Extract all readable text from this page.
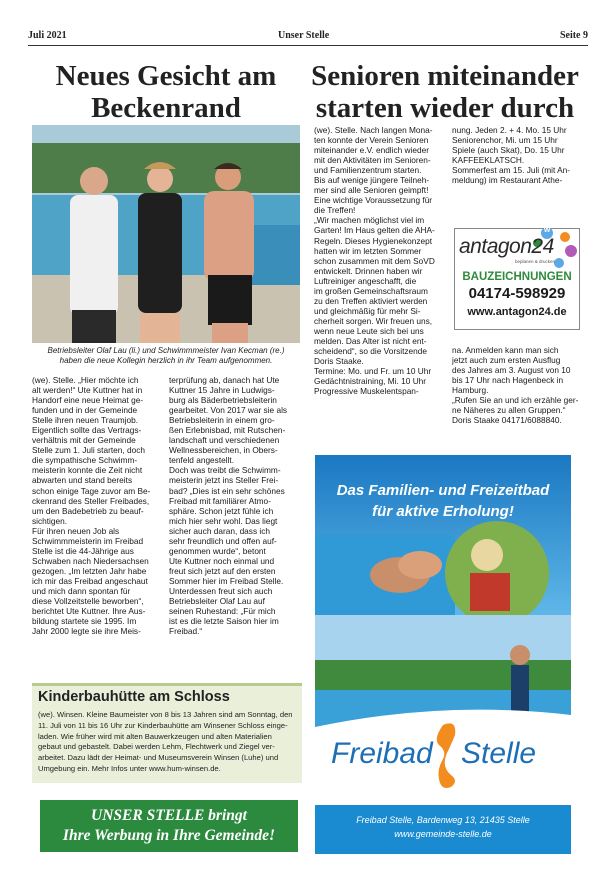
Juli 2021	Unser Stelle	Seite 9
Neues Gesicht am
Beckenrand
Senioren miteinander
starten wieder durch
Betriebsleiter Olaf Lau (li.) und Schwimmmeister Ivan Kecman (re.)
haben die neue Kollegin herzlich in ihr Team aufgenommen.
(we). Stelle. „Hier möchte ich
alt werden!“ Ute Kuttner hat in
Handorf eine neue Heimat ge-
funden und in der Gemeinde
Stelle ihren neuen Traumjob.
Eigentlich sollte das Vertrags-
verhältnis mit der Gemeinde
Stelle zum 1. Juli starten, doch
die sympathische Schwimm-
meisterin konnte die Zeit nicht
abwarten und stand bereits
schon einige Tage zuvor am Be-
ckenrand des Steller Freibades,
um den Badebetrieb zu beauf-
sichtigen.
Für ihren neuen Job als
Schwimmmeisterin im Freibad
Stelle ist die 44-Jährige aus
Schwaben nach Niedersachsen
gezogen. „Im letzten Jahr habe
ich mir das Freibad angeschaut
und mich dann spontan für
diese Vollzeitstelle beworben“,
berichtet Ute Kuttner. Ihre Aus-
bildung startete sie 1995. Im
Jahr 2000 legte sie ihre Meis-
terprüfung ab, danach hat Ute
Kuttner 15 Jahre in Ludwigs-
burg als Bäderbetriebsleiterin
gearbeitet. Von 2017 war sie als
Betriebsleiterin in einem gro-
ßen Erlebnisbad, mit Rutschen-
landschaft und verschiedenen
Wellnessbereichen, in Obers-
tenfeld angestellt.
Doch was treibt die Schwimm-
meisterin jetzt ins Steller Frei-
bad? „Dies ist ein sehr schönes
Freibad mit familiärer Atmo-
sphäre. Schon jetzt fühle ich
mich hier sehr wohl. Das liegt
sicher auch daran, dass ich
sehr freundlich und offen auf-
genommen wurde“, betont
Ute Kuttner noch einmal und
freut sich jetzt auf den ersten
Sommer hier im Freibad Stelle.
Unterdessen freut sich auch
Betriebsleiter Olaf Lau auf
seinen Ruhestand: „Für mich
ist es die letzte Saison hier im
Freibad.“
(we). Stelle. Nach langen Mona-
ten konnte der Verein Senioren
miteinander e.V. endlich wieder
mit den Aktivitäten im Senioren-
und Familienzentrum starten.
Bis auf wenige jüngere Teilneh-
mer sind alle Senioren geimpft!
Eine wichtige Voraussetzung für
die Treffen!
„Wir machen möglichst viel im
Garten! Im Haus gelten die AHA-
Regeln. Dieses Hygienekonzept
hatten wir im letzten Sommer
schon zusammen mit dem SoVD
entwickelt. Drinnen haben wir
Luftreiniger angeschafft, die
im großen Gemeinschaftsraum
zu den Treffen aktiviert werden
und gleichmäßig für mehr Si-
cherheit sorgen. Wir freuen uns,
wenn neue Leute sich bei uns
melden. Das Alter ist nicht ent-
scheidend“, so die Vorsitzende
Doris Staake.
Termine: Mo. und Fr. um 10 Uhr
Gedächtnistraining, Mi. 10 Uhr
Progressive Muskelentspan-
nung. Jeden 2. + 4. Mo. 15 Uhr
Seniorenchor, Mi. um 15 Uhr
Spiele (auch Skat), Do. 15 Uhr
KAFFEEKLATSCH.
Sommerfest am 15. Juli (mit An-
meldung) im Restaurant Athe-
na. Anmelden kann man sich
jetzt auch zum ersten Ausflug
des Jahres am 3. August von 10
bis 17 Uhr nach Hagenbeck in
Hamburg.
„Rufen Sie an und ich erzähle ger-
ne Näheres zu allen Gruppen.“
Doris Staake 04171/6088840.
W
antagon24
beplanen & drucken
BAUZEICHNUNGEN
04174-598929
www.antagon24.de
Kinderbauhütte am Schloss
(we). Winsen. Kleine Baumeister von 8 bis 13 Jahren sind am Sonntag, den
11. Juli von 11 bis 16 Uhr zur Kinderbauhütte am Winsener Schloss einge-
laden. Wie früher wird mit alten Bauwerkzeugen und alten Materialien
gebaut und gebastelt. Dabei werden Lehm, Flechtwerk und Ziegel ver-
arbeitet. Dazu lädt der Heimat- und Museumsverein Winsen (Luhe) und
Umgebung ein. Mehr Infos unter www.hum-winsen.de.
UNSER STELLE bringt
Ihre Werbung in Ihre Gemeinde!
Das Familien- und Freizeitbad
für aktive Erholung!
Freibad Stelle
Freibad Stelle, Bardenweg 13, 21435 Stelle
www.gemeinde-stelle.de
